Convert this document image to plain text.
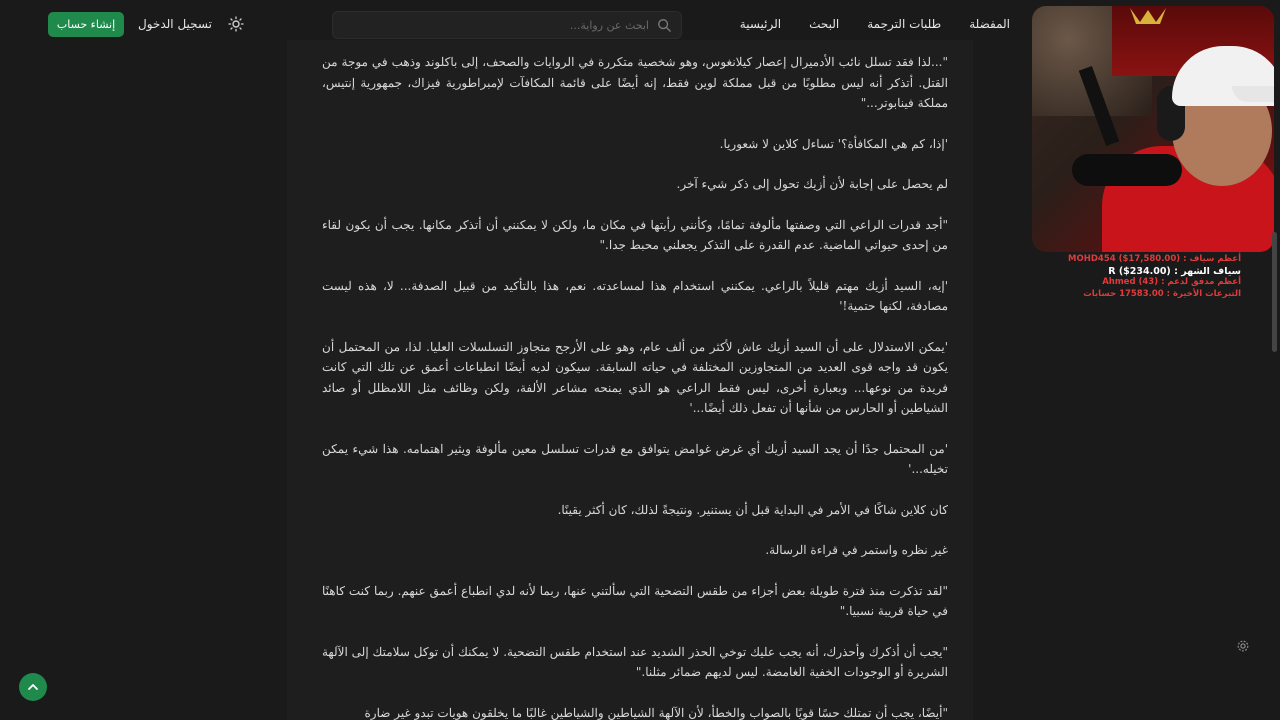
الرئيسية البحث طلبات الترجمة المفضلة
ابحث عن رواية...
تسجيل الدخول
إنشاء حساب

"...لذا فقد تسلل نائب الأدميرال إعصار كيلانغوس، وهو شخصية متكررة في الروايات والصحف، إلى باكلوند وذهب في موجة من القتل. أتذكر أنه ليس مطلوبًا من قبل مملكة لوين فقط، إنه أيضًا على قائمة المكافآت لإمبراطورية فيزاك، جمهورية إنتيس، مملكة فينابوتر..."

'إذا، كم هي المكافأة؟' تساءل كلاين لا شعوريا.

لم يحصل على إجابة لأن أزيك تحول إلى ذكر شيء آخر.

"أجد قدرات الراعي التي وصفتها مألوفة تمامًا، وكأنني رأيتها في مكان ما، ولكن لا يمكنني أن أتذكر مكانها. يجب أن يكون لقاء من إحدى حيواتي الماضية. عدم القدرة على التذكر يجعلني محبط جدا."

'إيه، السيد أزيك مهتم قليلاً بالراعي. يمكنني استخدام هذا لمساعدته. نعم، هذا بالتأكيد من قبيل الصدفة... لا، هذه ليست مصادفة، لكنها حتمية!'

'يمكن الاستدلال على أن السيد أزيك عاش لأكثر من ألف عام، وهو على الأرجح متجاوز التسلسلات العليا. لذا، من المحتمل أن يكون قد واجه قوى العديد من المتجاوزين المختلفة في حياته السابقة. سيكون لديه أيضًا انطباعات أعمق عن تلك التي كانت فريدة من نوعها... وبعبارة أخرى، ليس فقط الراعي هو الذي يمنحه مشاعر الألفة، ولكن وظائف مثل اللامظلل أو صائد الشياطين أو الحارس من شأنها أن تفعل ذلك أيضًا...'

'من المحتمل جدًا أن يجد السيد أزيك أي غرض غوامض يتوافق مع قدرات تسلسل معين مألوفة ويثير اهتمامه. هذا شيء يمكن تخيله...'

كان كلاين شاكًا في الأمر في البداية قبل أن يستنير. ونتيجةً لذلك، كان أكثر يقينًا.

غير نظره واستمر في قراءة الرسالة.

"لقد تذكرت منذ فترة طويلة بعض أجزاء من طقس التضحية التي سألتني عنها، ربما لأنه لدي انطباع أعمق عنهم. ربما كنت كاهنًا في حياة قريبة نسبيا."

"يجب أن أذكرك وأحذرك، أنه يجب عليك توخي الحذر الشديد عند استخدام طقس التضحية. لا يمكنك أن توكل سلامتك إلى الآلهة الشريرة أو الوجودات الخفية الغامضة. ليس لديهم ضمائر مثلنا."

"أيضًا، يجب أن تمتلك حسًا قويًا بالصواب والخطأ، لأن الآلهة الشياطين والشياطين غالبًا ما يخلقون هويات تبدو غير ضارة

أعظم سياف : (MOHD454 ($17,580.00
سياف الشهر : R ($234.00)
أعظم مدفق لدعم : (43) Ahmed
التبرعات الأخيرة : 17583.00 حسابات
